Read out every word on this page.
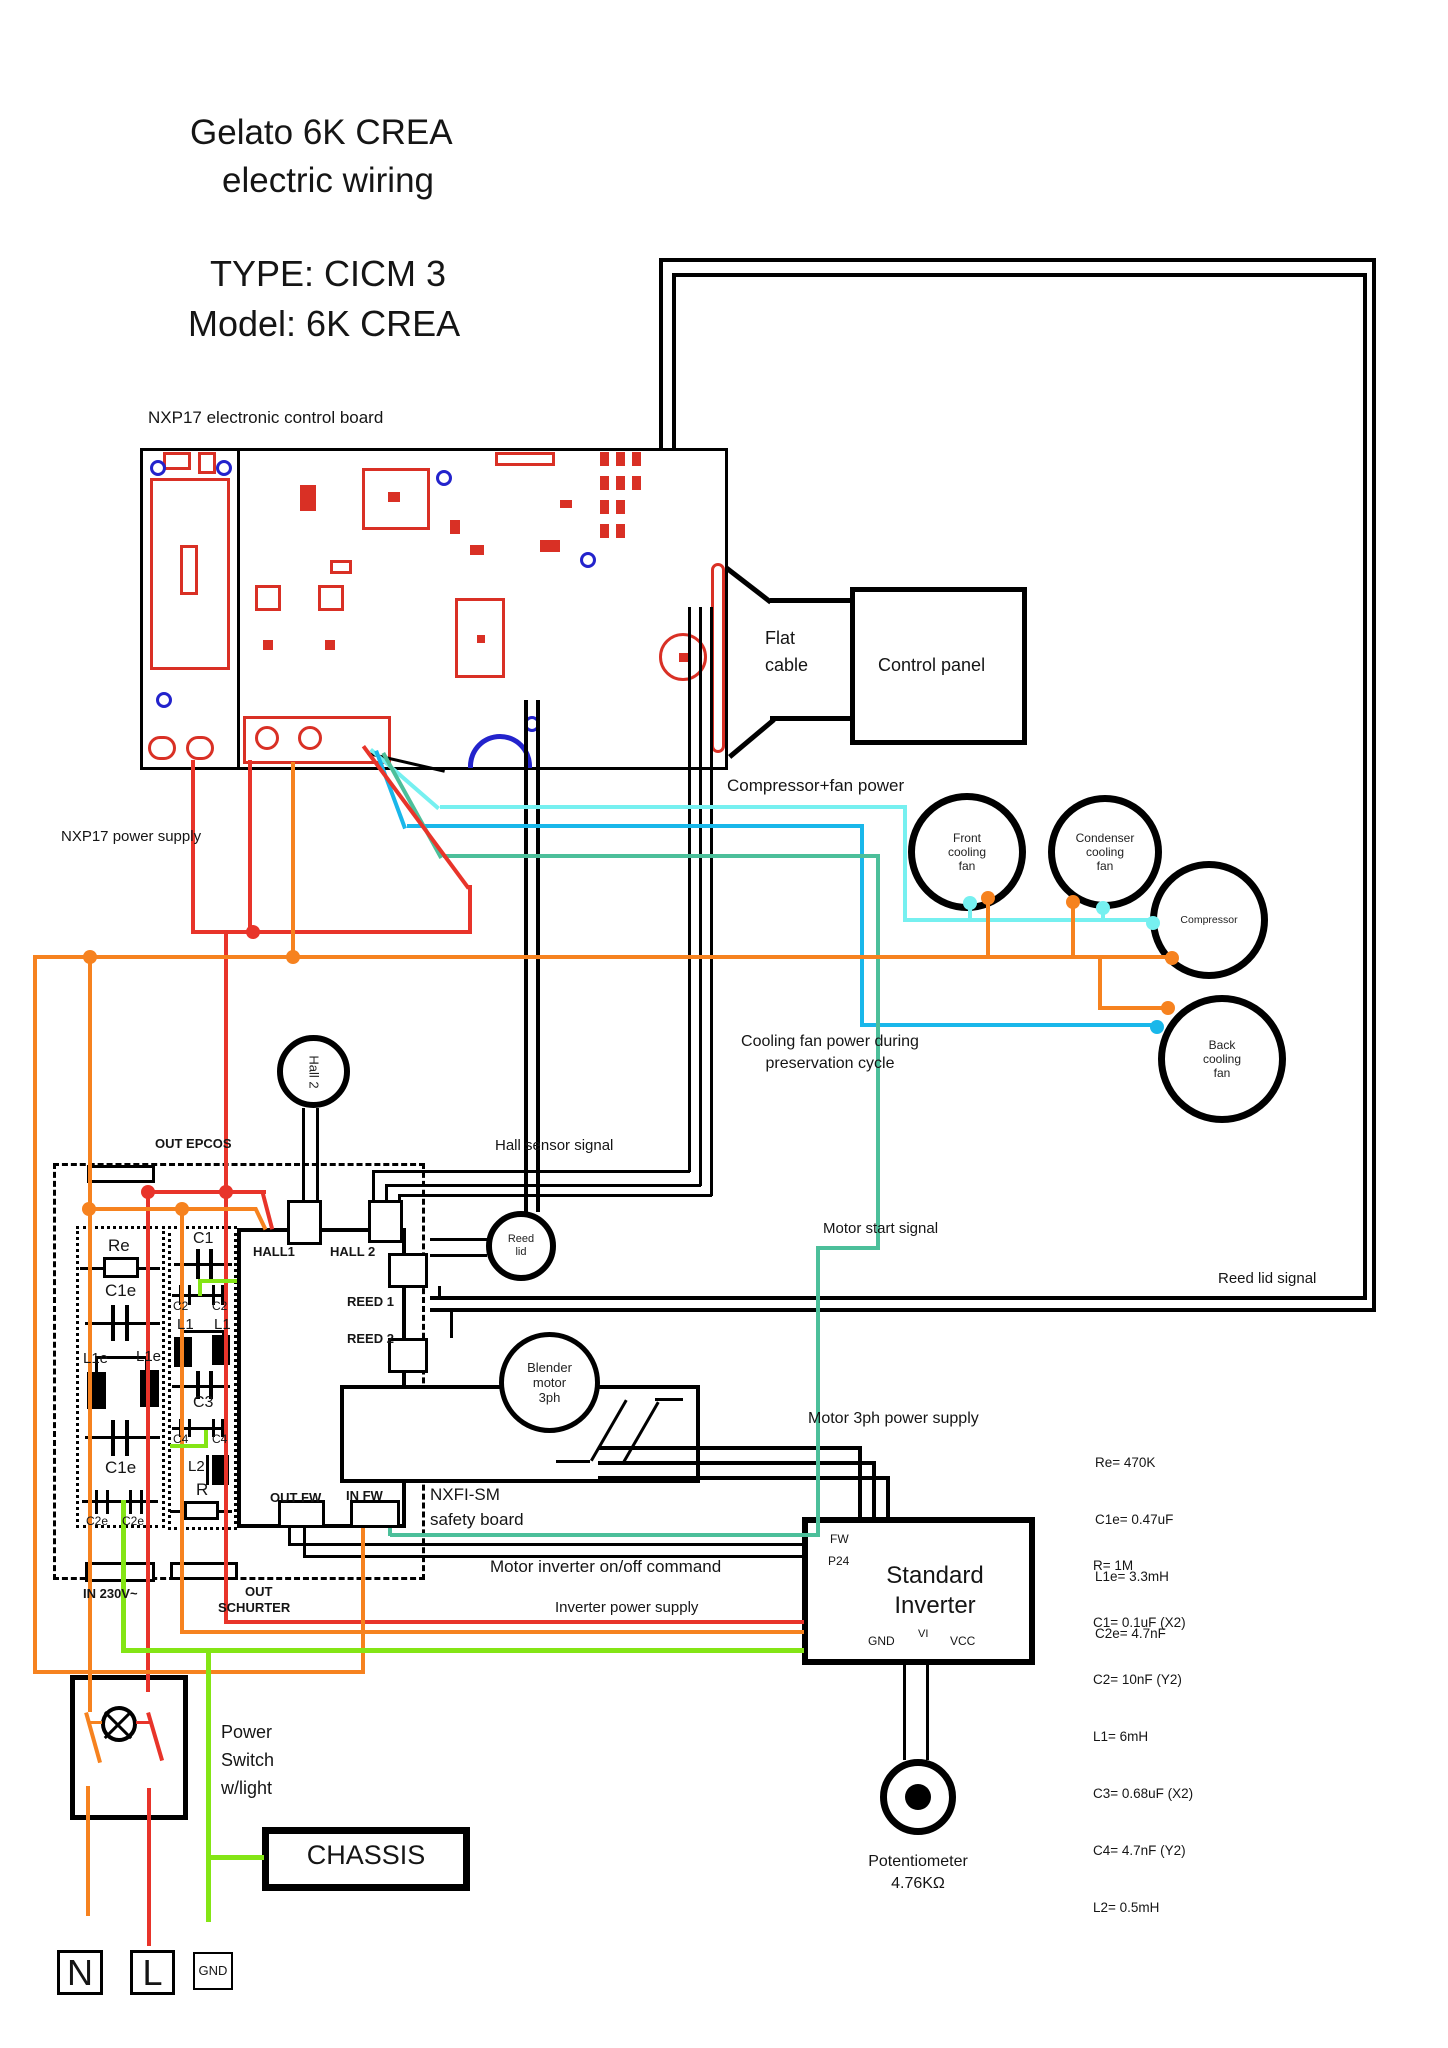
Front
cooling
fan
Condenser
cooling
fan
Compressor
Back
cooling
fan
Hall 2
Reed
lid
Blender
motor
3ph
Gelato 6K CREA
electric wiring
TYPE: CICM 3
Model: 6K CREA
NXP17 electronic control board
Flat
cable	Control panel
Compressor+fan power
NXP17 power supply
Cooling fan power during
preservation cycle
Hall sensor signal
Motor start signal
Reed lid signal
OUT EPCOS
HALL1	HALL 2
REED 1
REED 2
OUT FW IN FW	NXFI-SM
safety board
Motor 3ph power supply
Motor inverter on/off command
Inverter power supply
IN 230V~	OUT
SCHURTER
Re
C1e
L1e L1e
C1e
C2e C2e
C1
C2 C2
L1 L1
C3
C4 C4
L2
R

Re= 470K

C1e= 0.47uF

L1e= 3.3mH

C2e= 4.7nF

R= 1M

C1= 0.1uF (X2)

C2= 10nF (Y2)

L1= 6mH

C3= 0.68uF (X2)

C4= 4.7nF (Y2)

L2= 0.5mH

FW
P24
Standard
Inverter
GND VI VCC
Power
Switch
w/light
CHASSIS	Potentiometer
4.76KΩ
N	L	GND
